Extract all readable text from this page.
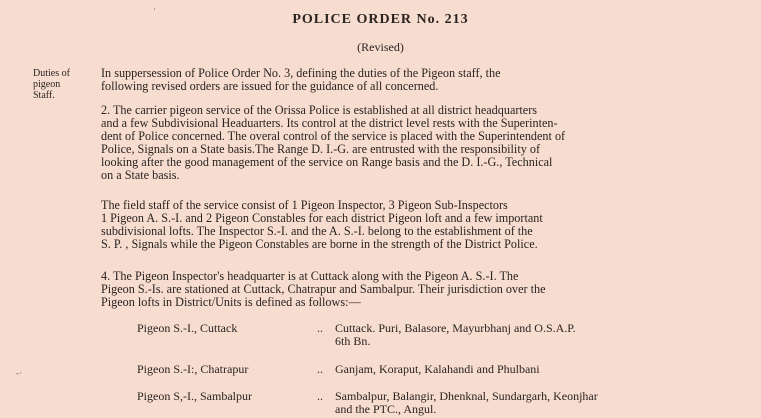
POLICE ORDER No. 213
(Revised)
Duties of
pigeon
Staff.
In suppersession of Police Order No. 3, defining the duties of the Pigeon staff, the
following revised orders are issued for the guidance of all concerned.
2. The carrier pigeon service of the Orissa Police is established at all district headquarters
and a few Subdivisional Headuarters. Its control at the district level rests with the Superinten-
dent of Police concerned. The overal control of the service is placed with the Superintendent of
Police, Signals on a State basis.The Range D. I.-G. are entrusted with the responsibility of
looking after the good management of the service on Range basis and the D. I.-G., Technical
on a State basis.
The field staff of the service consist of 1 Pigeon Inspector, 3 Pigeon Sub-Inspectors
1 Pigeon A. S.-I. and 2 Pigeon Constables for each district Pigeon loft and a few important
subdivisional lofts. The Inspector S.-I. and the A. S.-I. belong to the establishment of the
S. P. , Signals while the Pigeon Constables are borne in the strength of the District Police.
4. The Pigeon Inspector's headquarter is at Cuttack along with the Pigeon A. S.-I. The
Pigeon S.-Is. are stationed at Cuttack, Chatrapur and Sambalpur. Their jurisdiction over the
Pigeon lofts in District/Units is defined as follows:—
Pigeon S.-I., Cuttack	..	Cuttack. Puri, Balasore, Mayurbhanj and O.S.A.P.
6th Bn.
Pigeon S.-I:, Chatrapur	..	Ganjam, Koraput, Kalahandi and Phulbani
Pigeon S,-I., Sambalpur	..	Sambalpur, Balangir, Dhenknal, Sundargarh, Keonjhar
and the PTC., Angul.
·
-·
